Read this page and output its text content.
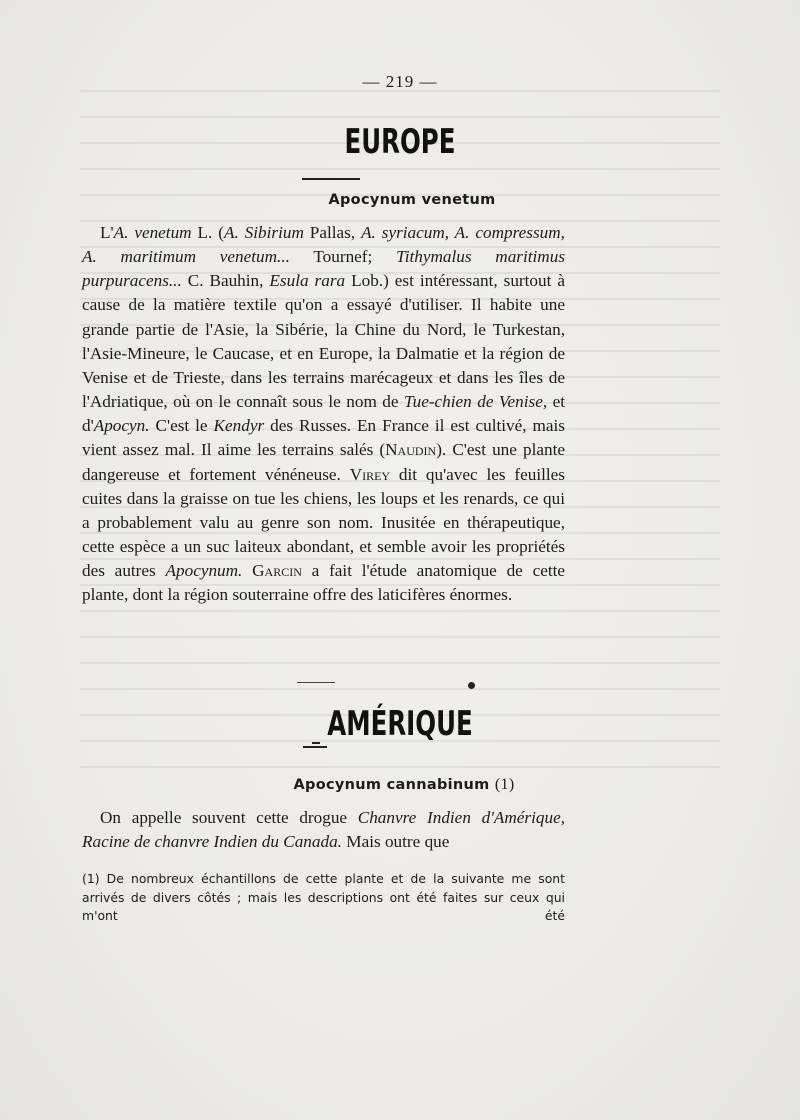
— 219 —
EUROPE
Apocynum venetum
L'A. venetum L. (A. Sibirium Pallas, A. syriacum, A. compressum, A. maritimum venetum... Tournef; Tithymalus maritimus purpuracens... C. Bauhin, Esula rara Lob.) est intéressant, surtout à cause de la matière textile qu'on a essayé d'utiliser. Il habite une grande partie de l'Asie, la Sibérie, la Chine du Nord, le Turkestan, l'Asie-Mineure, le Caucase, et en Europe, la Dalmatie et la région de Venise et de Trieste, dans les terrains marécageux et dans les îles de l'Adriatique, où on le connaît sous le nom de Tue-chien de Venise, et d'Apocyn. C'est le Kendyr des Russes. En France il est cultivé, mais vient assez mal. Il aime les terrains salés (Naudin). C'est une plante dangereuse et fortement vénéneuse. Virey dit qu'avec les feuilles cuites dans la graisse on tue les chiens, les loups et les renards, ce qui a probablement valu au genre son nom. Inusitée en thérapeutique, cette espèce a un suc laiteux abondant, et semble avoir les propriétés des autres Apocynum. Garcin a fait l'étude anatomique de cette plante, dont la région souterraine offre des laticifères énormes.
AMÉRIQUE
Apocynum cannabinum (1)
On appelle souvent cette drogue Chanvre Indien d'Amérique, Racine de chanvre Indien du Canada. Mais outre que
(1) De nombreux échantillons de cette plante et de la suivante me sont arrivés de divers côtés ; mais les descriptions ont été faites sur ceux qui m'ont été
